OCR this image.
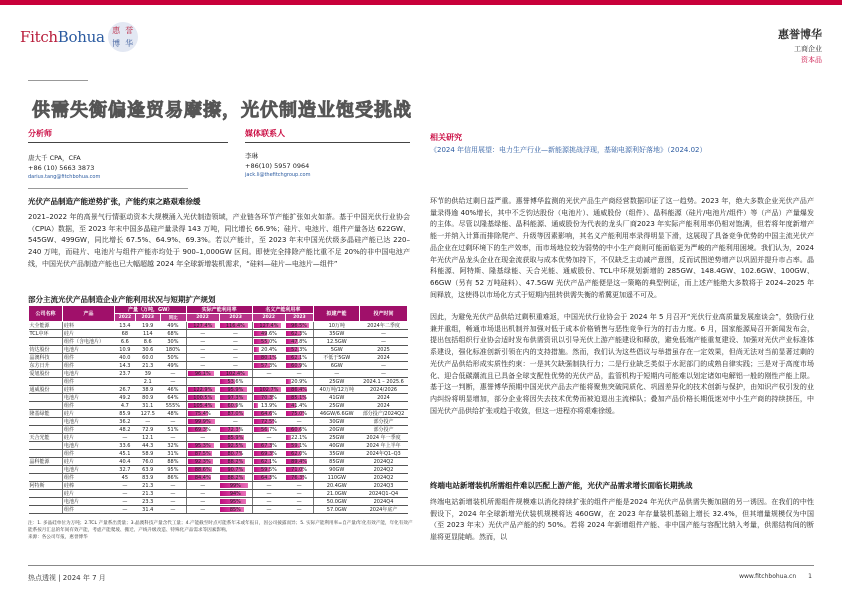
FitchBohua 惠 誉
博 华
惠誉博华
工商企业
资本品
供需失衡偏逢贸易摩擦，光伏制造业饱受挑战
分析师
唐大千 CPA，CFA
+86 (10) 5663 3873
darius.tang@fitchbohua.com
媒体联系人
李琳
+86(10) 5957 0964
jack.li@thefitchgroup.com
相关研究
《2024 年信用展望：电力生产行业—新能源挑战浮现，基础电源利好落地》（2024.02）
光伏产品制造产能逆势扩张，产能约束之路艰难徐缓
2021–2022 年的高景气行情驱动资本大规模涌入光伏制造领域，产业链各环节产能扩张如火如荼。基于中国光伏行业协会（CPIA）数据，至 2023 年末中国多晶硅产量录得 143 万吨，同比增长 66.9%；硅片、电池片、组件产量各达 622GW、545GW、499GW，同比增长 67.5%、64.9%、69.3%。若以产能计，至 2023 年末中国光伏级多晶硅产能已达 220–240 万吨，而硅片、电池片与组件产能亦均处于 900–1,000GW 区间。即使完全排除产能比重不足 20%的非中国电池产线，中国光伏产品制造产能也已大幅超越 2024 年全球新增装机需求，“硅料—硅片—电池片—组件”
部分主流光伏产品制造企业产能利用状况与短期扩产规划
公司名称	产品	产量（万吨，GW）			实际产能利用率		名义产能利用率		拟建产能	投产时间
		2022	2023	同比	2022	2023	2022	2023		
大全能源	硅料	13.4	19.9	49%	127.4%	116.4%	127.4%	96.5%	10万吨	2024年二季度
TCL中环	硅片	68	114	68%	—	—	49.6%	62.3%	35GW	—
	组件（含电池片）	6.6	8.6	30%	—	—	55.0%	47.8%	12.5GW	—
钧达股份	电池片	10.9	30.6	180%	—	—	20.4%	52.3%	5GW	2025
晶澳科技	组件	40.0	60.0	50%	—	—	80.1%	62.1%	不低于5GW	2024
东方日升	组件	14.3	21.3	49%	—	—	57.3%	60.9%	6GW	—
爱旭股份	电池片	23.7	39	—	96.1%	102.4%	—	—	—	—
	组件		2.1	—		53.6%		20.9%	25GW	2024.1 – 2025.6
通威股份	硅料	26.7	38.9	46%	122.9%	95.9%	102.7%	86.4%	40万吨/12万吨	2024/2026
	电池片	49.2	80.9	64%	100.5%	97.3%	70.3%	85.1%	41GW	2024
	组件	4.7	31.1	555%	105.4%	60.9%	13.9%	41.4%	25GW	2024
隆基绿能	硅片	85.9	127.5	48%	75.4%	87.0%	64.6%	75.0%	46GW/6.6GW	部分投产/2024Q2
	电池片	36.2	—	—	99.9%	—	72.5%	—	30GW	部分投产
	组件	48.2	72.9	51%	69.3%	72.3%	56.7%	60.6%	20GW	部分投产
天合光能	硅片	—	12.1	—	—	85.9%	—	22.1%	25GW	2024 年一季度
	电池片	33.6	44.3	32%	95.3%	92.5%	67.3%	59.1%	40GW	2024 年上半年
	组件	45.1	58.9	31%	87.5%	80.7%	69.3%	62.0%	35GW	2024年Q1–Q3
晶科能源	硅片	40.4	76.0	88%	92.3%	88.2%	62.1%	89.4%	85GW	2024Q2
	电池片	32.7	63.9	95%	88.6%	90.7%	59.5%	71.0%	90GW	2024Q2
	组件	45	83.9	86%	84.4%	88.2%	64.3%	76.3%	110GW	2024Q2
阿特斯	硅棒	—	21.3	—	—	99%	—	—	20.4GW	2024Q3
	硅片	—	21.3	—	—	94%	—	—	21.0GW	2024Q1–Q4
	电池片	—	23.3	—	—	95%	—	—	50.0GW	2024Q4
	组件	—	31.4	—	—	85%	—	—	57.0GW	2024年底产
注：1. 多晶硅单位为万吨；2.TCL 产量系出货量；3.晶澳科技产量含代工量；4.产能截至时点可能系年末或年报日，因公司披露而异；5. 实际产能利用率=自产量/年化有效产能，年化有效产能系按月汇总的年间有效产能，考虑产能爬坡、搬迁、产线升级改造、特殊化产品需求等因素影响。
来源：各公司年报，惠誉博华
环节的供给过剩日益严重。惠誉博华监测的光伏产品生产商经营数据印证了这一趋势。2023 年，绝大多数企业光伏产品产量录得逾 40%增长，其中不乏钧达股份（电池片）、通威股份（组件）、晶科能源（硅片/电池片/组件）等（产品）产量爆发的主体。尽管以隆基绿能、晶科能源、通威股份为代表的龙头厂商2023 年实际产能利用率仍相对饱满，但若将年度新增产能一并纳入计算而排除爬产、升级等因素影响，其名义产能利用率录得明显下滑，这展现了具备竞争优势的中国主流光伏产品企业在过剩环境下的生产效率，而市场地位较为弱势的中小生产商则可能面临更为严峻的产能利用困境。我们认为，2024 年光伏产品龙头企业在现金流获取与成本优势加持下，不仅缺乏主动减产意图，反而试图逆势增产以巩固并提升市占率。晶科能源、阿特斯、隆基绿能、天合光能、通威股份、TCL中环规划新增的 285GW、148.4GW、102.6GW、100GW、66GW（另有 52 万吨硅料）、47.5GW 光伏产品产能便是这一策略的典型例证，而上述产能绝大多数将于 2024–2025 年间释放，这使得以市场化方式于短期内扭转供需失衡的希冀更加遥不可及。
因此，为避免光伏产品供给过剩积重难返，中国光伏行业协会于 2024 年 5 月召开“光伏行业高质量发展座谈会”，鼓励行业兼并重组，畅通市场退出机制并加强对低于成本价格销售与恶性竞争行为的打击力度。6 月，国家能源局召开新闻发布会，提出包括组织行业协会适时发布供需资讯以引导光伏上游产能建设和释放，避免低端产能重复建设、加强对光伏产业标准体系建设，强化标准创新引领在内的支持措施。然而，我们认为这些倡议与举措虽存在一定效果，但尚无法对当前显著过剩的光伏产品供给形成实质性约束：一是其欠缺强制执行力；二是行业缺乏类似于水泥部门的成熟自律实践；三是对于高度市场化、迎合低碳潮流且已具备全球支配性优势的光伏产品，监管机构于短期内可能难以划定诸如电解铝一般的刚性产能上限。基于这一判断，惠誉博华预期中国光伏产品去产能将聚焦突破同质化、巩固差异化的技术创新与保护，由知识产权引发的业内纠纷将明显增加，部分企业将因失去技术优势而被迫退出主流梯队；叠加产品价格长期低迷对中小生产商的持续挤压，中国光伏产品供给扩张或趋于收敛，但这一进程亦将艰难徐缓。
终端电站新增装机所需组件难以匹配上游产能，光伏产品需求增长面临长期挑战
终端电站新增装机所需组件规模难以消化持续扩张的组件产能是2024 年光伏产品供需失衡加剧的另一诱因。在我们的中性假设下，2024 年全球新增光伏装机规模将达 460GW，在 2023 年存量装机基础上增长 32.4%，但其增量规模仅为中国（至 2023 年末）光伏产品产能的约 50%。若将 2024 年新增组件产能、非中国产能与容配比纳入考量，供需结构间的断崖将更显陡峭。然而，以
热点透视 | 2024 年 7 月	www.fitchbohua.cn 1
